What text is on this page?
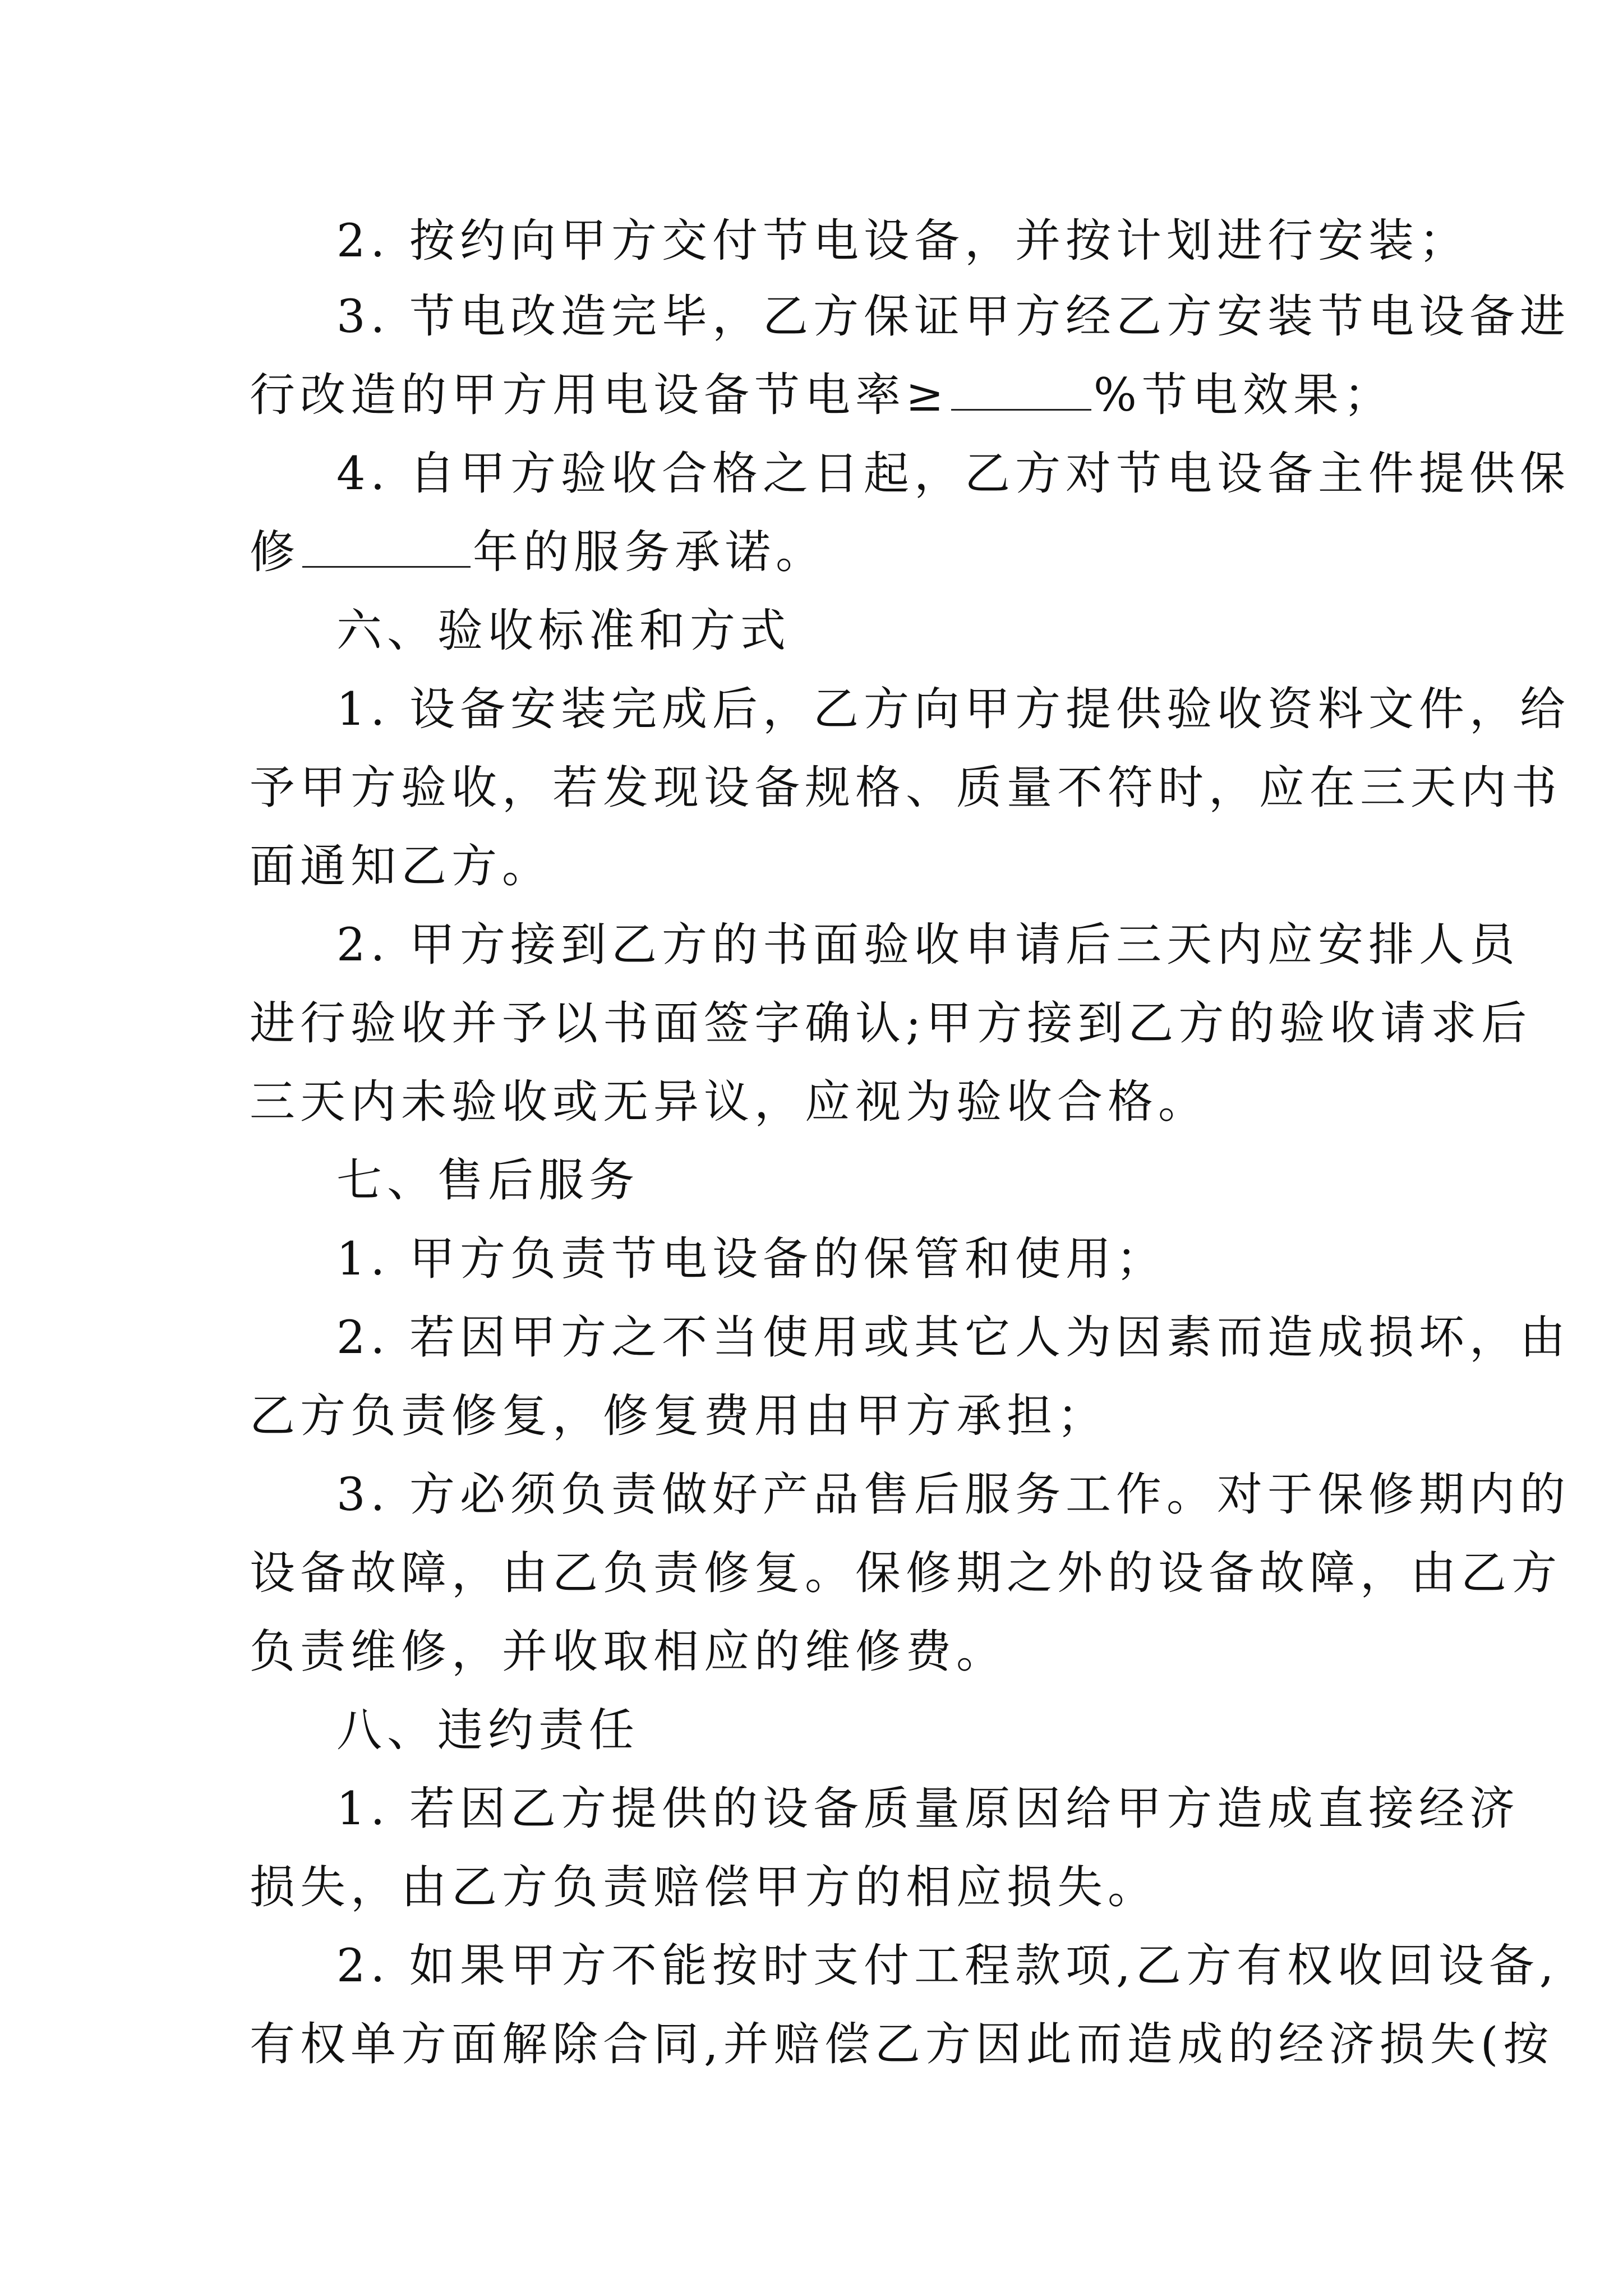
2. 按约向甲方交付节电设备，并按计划进行安装；
3. 节电改造完毕，乙方保证甲方经乙方安装节电设备进
行改造的甲方用电设备节电率≥	%节电效果；
4. 自甲方验收合格之日起，乙方对节电设备主件提供保
修	年的服务承诺。
六、验收标准和方式
1. 设备安装完成后，乙方向甲方提供验收资料文件，给
予甲方验收，若发现设备规格、质量不符时，应在三天内书
面通知乙方。
2. 甲方接到乙方的书面验收申请后三天内应安排人员
进行验收并予以书面签字确认;甲方接到乙方的验收请求后
三天内未验收或无异议，应视为验收合格。
七、售后服务
1. 甲方负责节电设备的保管和使用；
2. 若因甲方之不当使用或其它人为因素而造成损坏，由
乙方负责修复，修复费用由甲方承担；
3. 方必须负责做好产品售后服务工作。对于保修期内的
设备故障，由乙负责修复。保修期之外的设备故障，由乙方
负责维修，并收取相应的维修费。
八、违约责任
1. 若因乙方提供的设备质量原因给甲方造成直接经济
损失，由乙方负责赔偿甲方的相应损失。
2. 如果甲方不能按时支付工程款项,乙方有权收回设备,
有权单方面解除合同,并赔偿乙方因此而造成的经济损失(按
